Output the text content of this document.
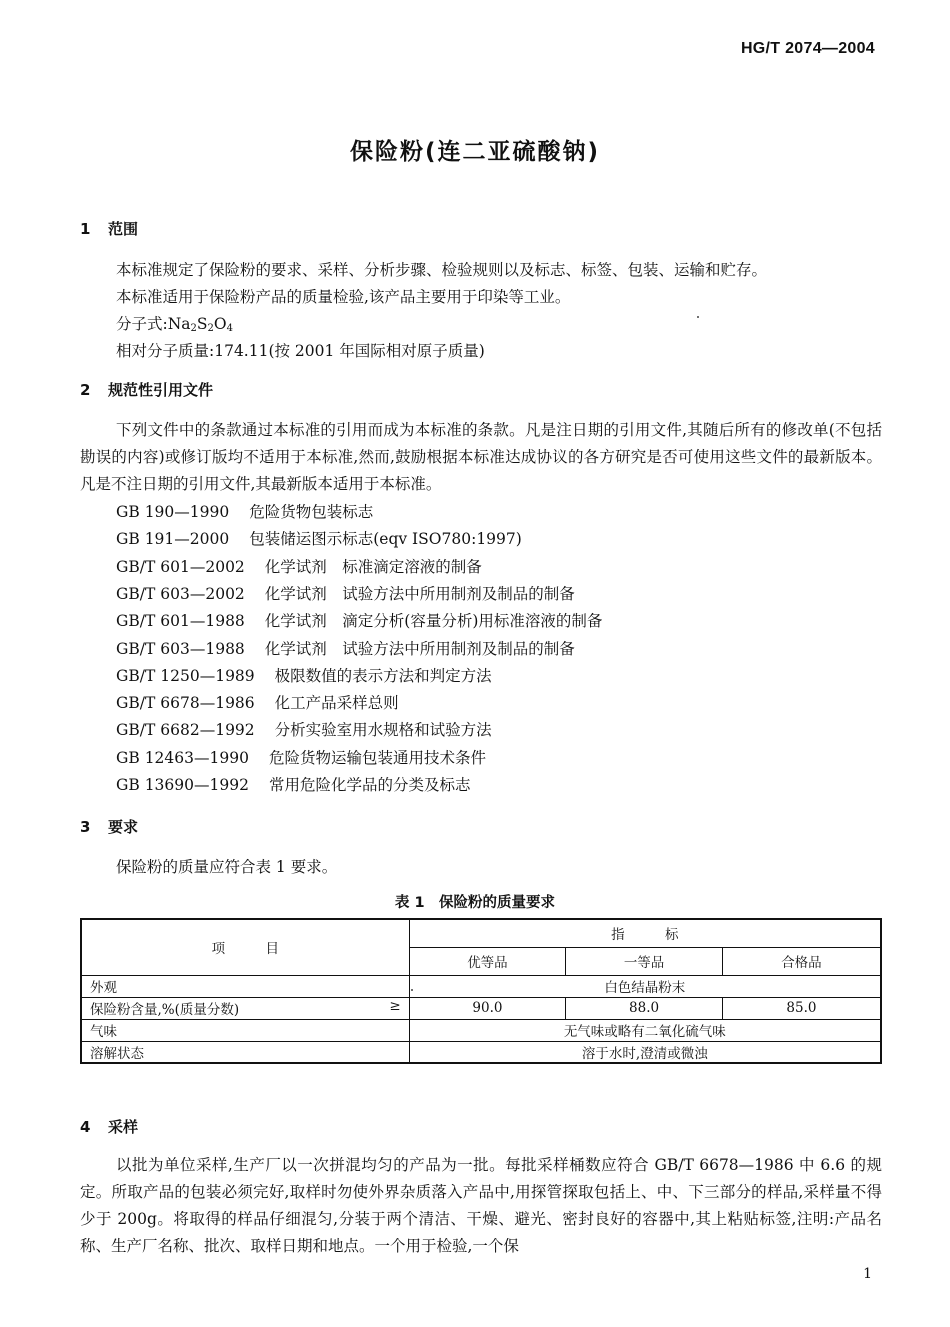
HG/T 2074—2004
保险粉(连二亚硫酸钠)
1 范围
本标准规定了保险粉的要求、采样、分析步骤、检验规则以及标志、标签、包装、运输和贮存。
本标准适用于保险粉产品的质量检验,该产品主要用于印染等工业。
分子式$:Na_2S_2O_4$
相对分子质量:174.11(按 2001 年国际相对原子质量)
2 规范性引用文件
下列文件中的条款通过本标准的引用而成为本标准的条款。凡是注日期的引用文件,其随后所有的修改单(不包括勘误的内容)或修订版均不适用于本标准,然而,鼓励根据本标准达成协议的各方研究是否可使用这些文件的最新版本。凡是不注日期的引用文件,其最新版本适用于本标准。
GB 190—1990 危险货物包装标志
GB 191—2000 包装储运图示标志(eqv ISO780:1997)
GB/T 601—2002 化学试剂　标准滴定溶液的制备
GB/T 603—2002 化学试剂　试验方法中所用制剂及制品的制备
GB/T 601—1988 化学试剂　滴定分析(容量分析)用标准溶液的制备
GB/T 603—1988 化学试剂　试验方法中所用制剂及制品的制备
GB/T 1250—1989 极限数值的表示方法和判定方法
GB/T 6678—1986 化工产品采样总则
GB/T 6682—1992 分析实验室用水规格和试验方法
GB 12463—1990 危险货物运输包装通用技术条件
GB 13690—1992 常用危险化学品的分类及标志
3 要求
保险粉的质量应符合表 1 要求。
表 1　保险粉的质量要求
项　　　目	指　　　标		
	优等品	一等品	合格品
外观	白色结晶粉末		
保险粉含量,%(质量分数) ≥	90.0	88.0	85.0
气味	无气味或略有二氧化硫气味		
溶解状态	溶于水时,澄清或微浊		
4 采样
以批为单位采样,生产厂以一次拼混均匀的产品为一批。每批采样桶数应符合 GB/T 6678—1986 中 6.6 的规定。所取产品的包装必须完好,取样时勿使外界杂质落入产品中,用探管探取包括上、中、下三部分的样品,采样量不得少于 200g。将取得的样品仔细混匀,分装于两个清洁、干燥、避光、密封良好的容器中,其上粘贴标签,注明:产品名称、生产厂名称、批次、取样日期和地点。一个用于检验,一个保
1
